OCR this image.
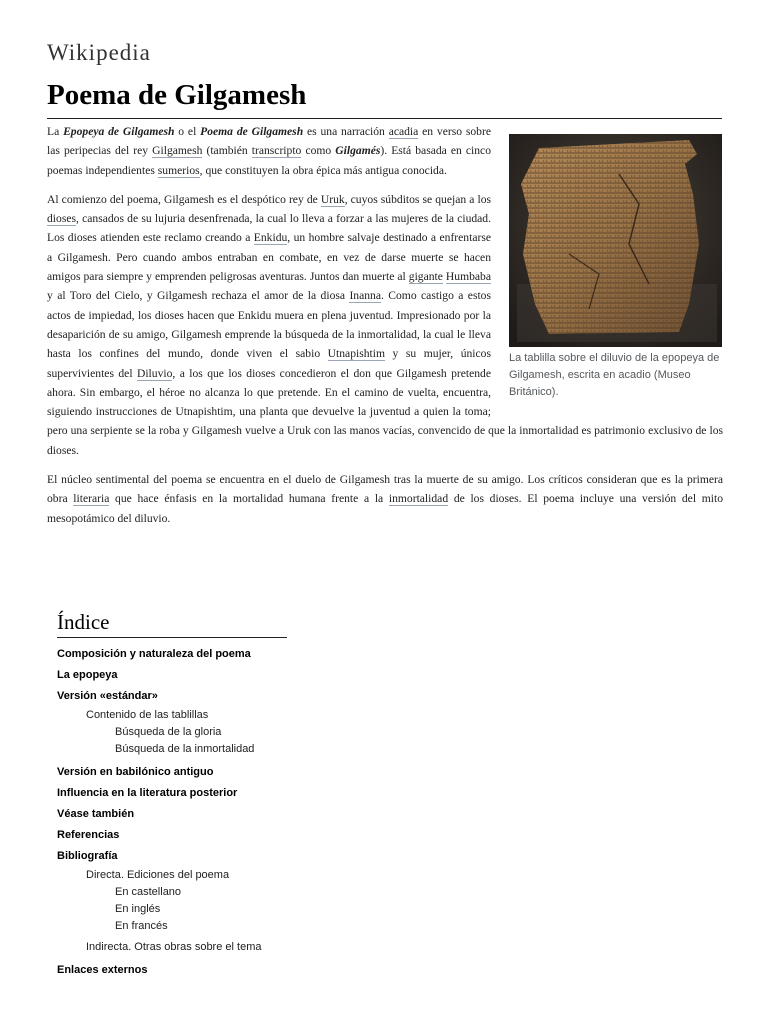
Wikipedia
Poema de Gilgamesh
La tablilla sobre el diluvio de la epopeya de Gilgamesh, escrita en acadio (Museo Británico).

La Epopeya de Gilgamesh o el Poema de Gilgamesh es una narración acadia en verso sobre las peripecias del rey Gilgamesh (también transcripto como Gilgamés). Está basada en cinco poemas independientes sumerios, que constituyen la obra épica más antigua conocida.

Al comienzo del poema, Gilgamesh es el despótico rey de Uruk, cuyos súbditos se quejan a los dioses, cansados de su lujuria desenfrenada, la cual lo lleva a forzar a las mujeres de la ciudad. Los dioses atienden este reclamo creando a Enkidu, un hombre salvaje destinado a enfrentarse a Gilgamesh. Pero cuando ambos entraban en combate, en vez de darse muerte se hacen amigos para siempre y emprenden peligrosas aventuras. Juntos dan muerte al gigante Humbaba y al Toro del Cielo, y Gilgamesh rechaza el amor de la diosa Inanna. Como castigo a estos actos de impiedad, los dioses hacen que Enkidu muera en plena juventud. Impresionado por la desaparición de su amigo, Gilgamesh emprende la búsqueda de la inmortalidad, la cual le lleva hasta los confines del mundo, donde viven el sabio Utnapishtim y su mujer, únicos supervivientes del Diluvio, a los que los dioses concedieron el don que Gilgamesh pretende ahora. Sin embargo, el héroe no alcanza lo que pretende. En el camino de vuelta, encuentra, siguiendo instrucciones de Utnapishtim, una planta que devuelve la juventud a quien la toma; pero una serpiente se la roba y Gilgamesh vuelve a Uruk con las manos vacías, convencido de que la inmortalidad es patrimonio exclusivo de los dioses.

El núcleo sentimental del poema se encuentra en el duelo de Gilgamesh tras la muerte de su amigo. Los críticos consideran que es la primera obra literaria que hace énfasis en la mortalidad humana frente a la inmortalidad de los dioses. El poema incluye una versión del mito mesopotámico del diluvio.

Índice
Composición y naturaleza del poema
La epopeya
Versión «estándar»
Contenido de las tablillas
Búsqueda de la gloria
Búsqueda de la inmortalidad
Versión en babilónico antiguo
Influencia en la literatura posterior
Véase también
Referencias
Bibliografía
Directa. Ediciones del poema
En castellano
En inglés
En francés
Indirecta. Otras obras sobre el tema
Enlaces externos
